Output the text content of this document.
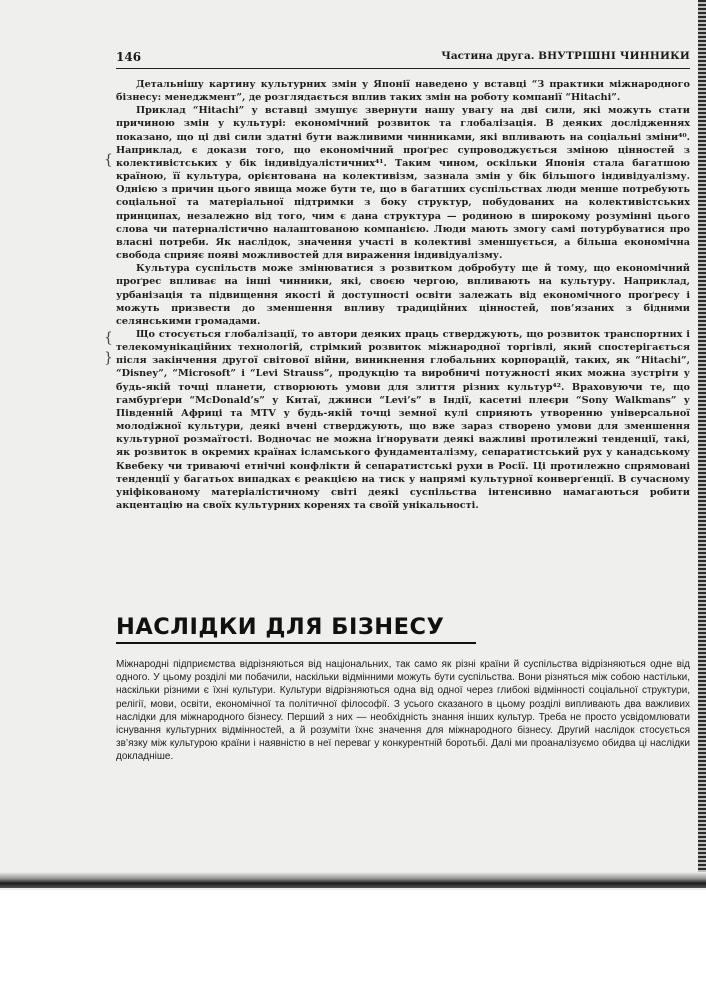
146	Частина друга. ВНУТРІШНІ ЧИННИКИ
{
{
}

Детальнішу картину культурних змін у Японії наведено у вставці “З практики міжнародного бізнесу: менеджмент”, де розглядається вплив таких змін на роботу компанії “Hitachi”.

Приклад “Hitachi” у вставці змушує звернути нашу увагу на дві сили, які можуть стати причиною змін у культурі: економічний розвиток та глобалізація. В деяких дослідженнях показано, що ці дві сили здатні бути важливими чинниками, які впливають на соціальні зміни⁴⁰. Наприклад, є докази того, що економічний проґрес супроводжується зміною цінностей з колективістських у бік індивідуалістичних⁴¹. Таким чином, оскільки Японія стала багатшою країною, її культура, орієнтована на колективізм, зазнала змін у бік більшого індивідуалізму. Однією з причин цього явища може бути те, що в багатших суспільствах люди менше потребують соціальної та матеріальної підтримки з боку структур, побудованих на колективістських принципах, незалежно від того, чим є дана структура — родиною в широкому розумінні цього слова чи патерналістично налаштованою компанією. Люди мають змогу самі потурбуватися про власні потреби. Як наслідок, значення участі в колективі зменшується, а більша економічна свобода сприяє появі можливостей для вираження індивідуалізму.

Культура суспільств може змінюватися з розвитком добробуту ще й тому, що економічний проґрес впливає на інші чинники, які, своєю чергою, впливають на культуру. Наприклад, урбанізація та підвищення якості й доступності освіти залежать від економічного проґресу і можуть призвести до зменшення впливу традиційних цінностей, пов’язаних з бідними селянськими громадами.

Що стосується глобалізації, то автори деяких праць стверджують, що розвиток транспортних і телекомунікаційних технологій, стрімкий розвиток міжнародної торгівлі, який спостерігається після закінчення другої світової війни, виникнення глобальних корпорацій, таких, як “Hitachi”, “Disney”, “Microsoft” і “Levi Strauss”, продукцію та виробничі потужності яких можна зустріти у будь-якій точці планети, створюють умови для злиття різних культур⁴². Враховуючи те, що гамбурґери “McDonald’s” у Китаї, джинси “Levi’s” в Індії, касетні плеєри “Sony Walkmans” у Південній Африці та MTV у будь-якій точці земної кулі сприяють утворенню універсальної молодіжної культури, деякі вчені стверджують, що вже зараз створено умови для зменшення культурної розмаїтості. Водночас не можна іґнорувати деякі важливі протилежні тенденції, такі, як розвиток в окремих країнах ісламського фундаменталізму, сепаратистський рух у канадському Квебеку чи триваючі етнічні конфлікти й сепаратистські рухи в Росії. Ці протилежно спрямовані тенденції у багатьох випадках є реакцією на тиск у напрямі культурної конверґенції. В сучасному уніфікованому матеріалістичному світі деякі суспільства інтенсивно намагаються робити акцентацію на своїх культурних коренях та своїй унікальності.

НАСЛІДКИ ДЛЯ БІЗНЕСУ
Міжнародні підприємства відрізняються від національних, так само як різні країни й суспільства відрізняються одне від одного. У цьому розділі ми побачили, наскільки відмінними можуть бути суспільства. Вони різняться між собою настільки, наскільки різними є їхні культури. Культури відрізняються одна від одної через глибокі відмінності соціальної структури, релігії, мови, освіти, економічної та політичної філософії. З усього сказаного в цьому розділі випливають два важливих наслідки для міжнародного бізнесу. Перший з них — необхідність знання інших культур. Треба не просто усвідомлювати існування культурних відмінностей, а й розуміти їхнє значення для міжнародного бізнесу. Другий наслідок стосується зв’язку між культурою країни і наявністю в неї переваг у конкурентній боротьбі. Далі ми проаналізуємо обидва ці наслідки докладніше.
